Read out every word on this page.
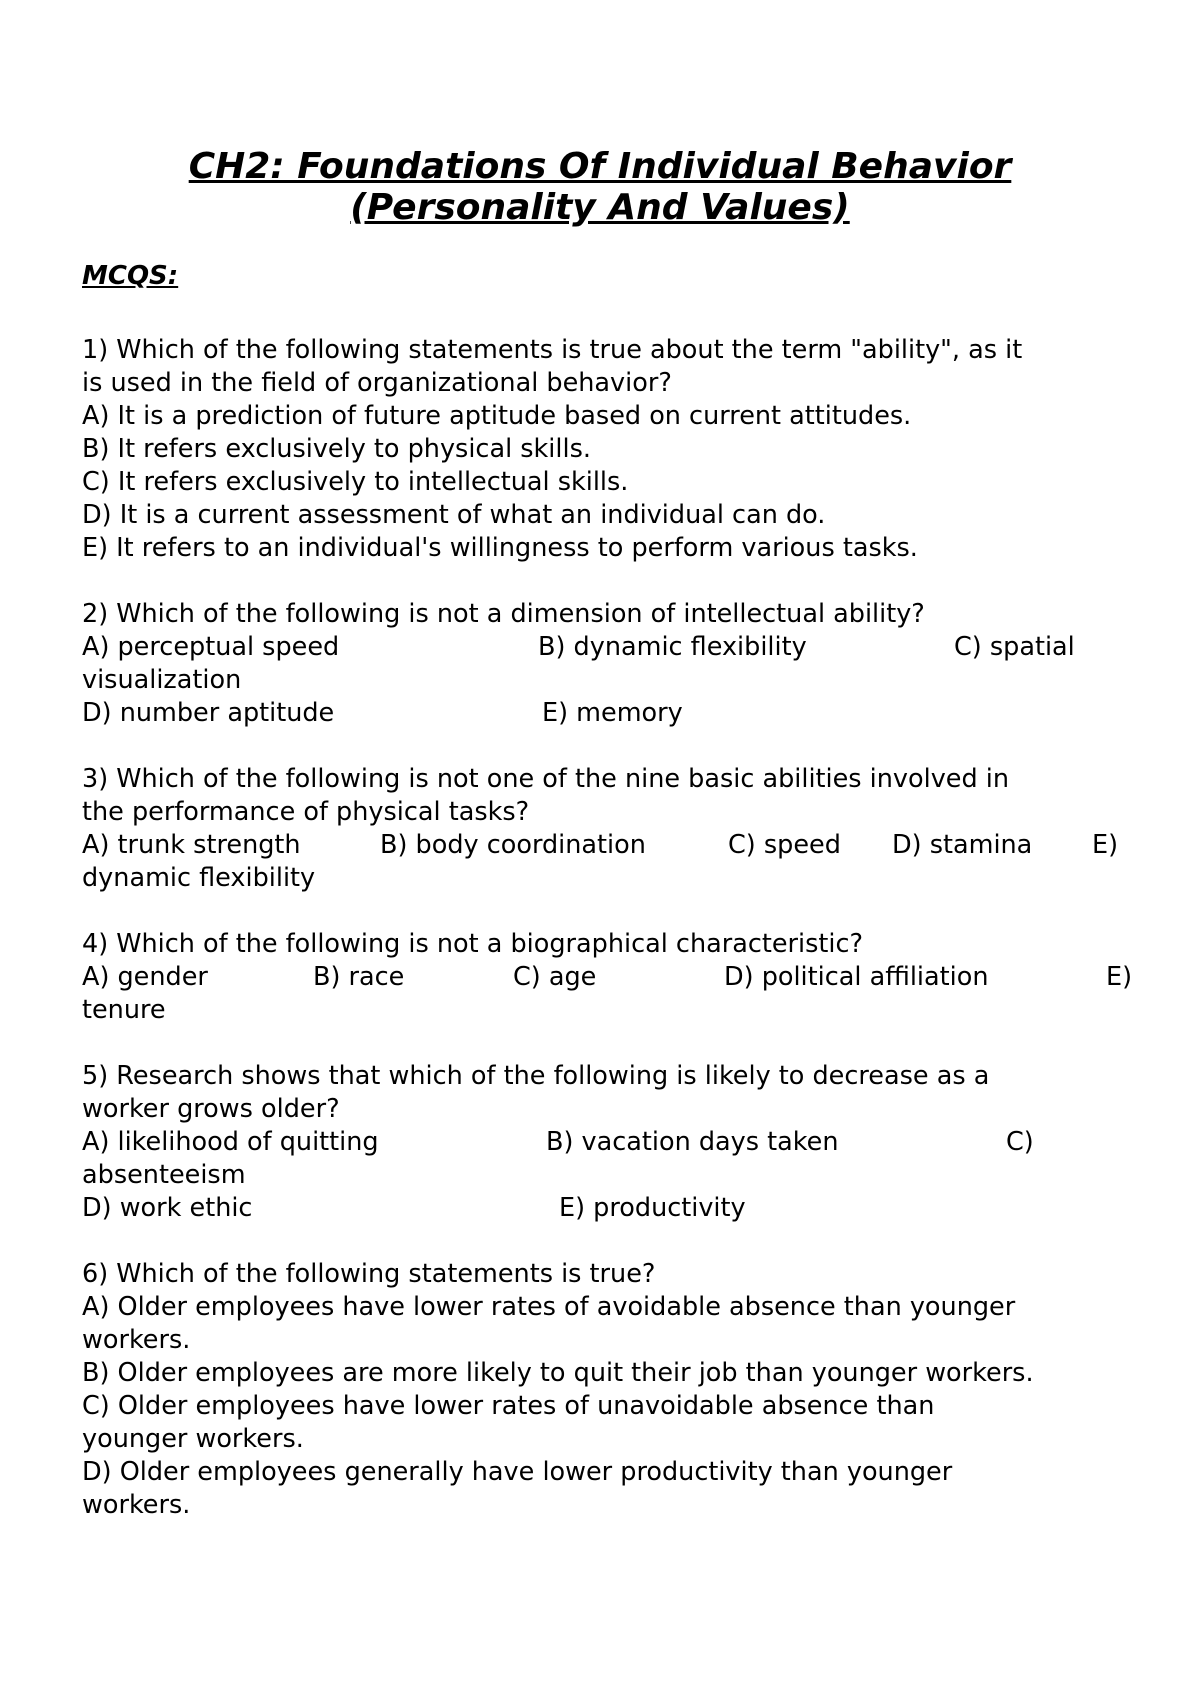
CH2: Foundations Of Individual Behavior
(Personality And Values)
MCQS:
1) Which of the following statements is true about the term "ability", as it
is used in the field of organizational behavior?
A) It is a prediction of future aptitude based on current attitudes.
B) It refers exclusively to physical skills.
C) It refers exclusively to intellectual skills.
D) It is a current assessment of what an individual can do.
E) It refers to an individual's willingness to perform various tasks.
2) Which of the following is not a dimension of intellectual ability?
A) perceptual speed	B) dynamic flexibility	C) spatial
visualization
D) number aptitude	E) memory
3) Which of the following is not one of the nine basic abilities involved in
the performance of physical tasks?
A) trunk strength	B) body coordination	C) speed D) stamina E)
dynamic flexibility
4) Which of the following is not a biographical characteristic?
A) gender	B) race	C) age	D) political affiliation	E)
tenure
5) Research shows that which of the following is likely to decrease as a
worker grows older?
A) likelihood of quitting	B) vacation days taken	C)
absenteeism
D) work ethic	E) productivity
6) Which of the following statements is true?
A) Older employees have lower rates of avoidable absence than younger
workers.
B) Older employees are more likely to quit their job than younger workers.
C) Older employees have lower rates of unavoidable absence than
younger workers.
D) Older employees generally have lower productivity than younger
workers.
